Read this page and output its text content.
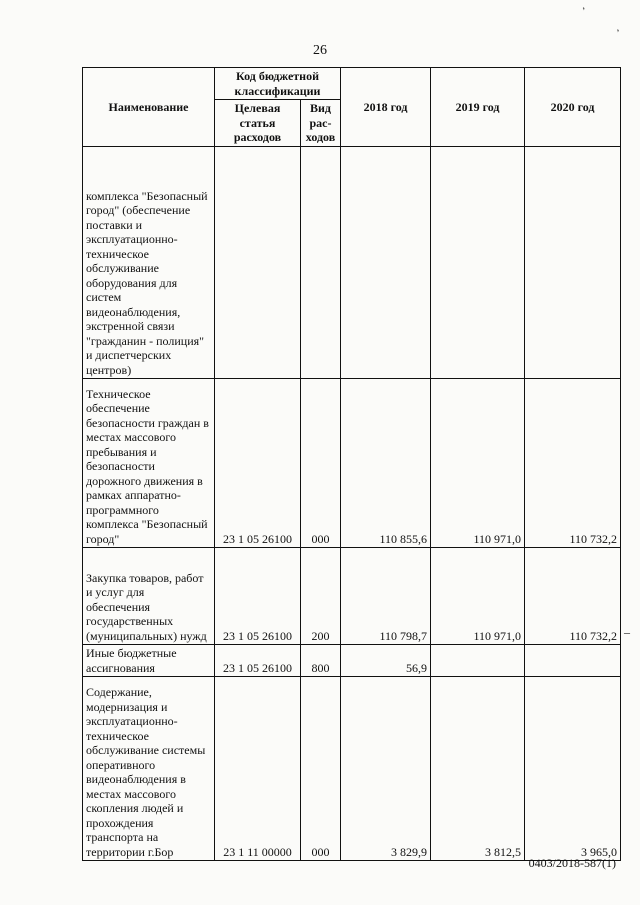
26
’
’
Наименование	Код бюджетной классификации		2018 год	2019 год	2020 год
	Целевая статья расходов	Вид рас-ходов			
комплекса "Безопасный город" (обеспечение поставки и эксплуатационно-техническое обслуживание оборудования для систем видеонаблюдения, экстренной связи "гражданин - полиция" и диспетчерских центров)					
Техническое обеспечение безопасности граждан в местах массового пребывания и безопасности дорожного движения в рамках аппаратно-программного комплекса "Безопасный город"	23 1 05 26100	000	110 855,6	110 971,0	110 732,2
Закупка товаров, работ и услуг для обеспечения государственных (муниципальных) нужд	23 1 05 26100	200	110 798,7	110 971,0	110 732,2
Иные бюджетные ассигнования	23 1 05 26100	800	56,9		
Содержание, модернизация и эксплуатационно-техническое обслуживание системы оперативного видеонаблюдения в местах массового скопления людей и прохождения транспорта на территории г.Бор	23 1 11 00000	000	3 829,9	3 812,5	3 965,0
–
0403/2018-587(1)
